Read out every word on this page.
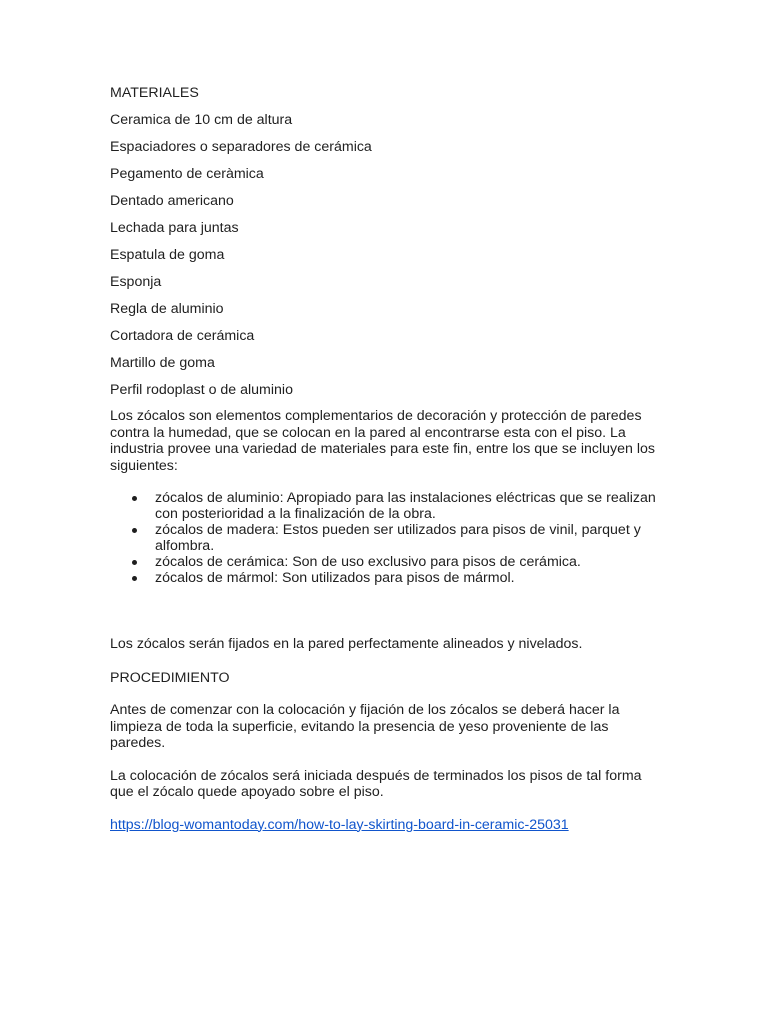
MATERIALES

Ceramica de 10 cm de altura

Espaciadores o separadores de cerámica

Pegamento de ceràmica

Dentado americano

Lechada para juntas

Espatula de goma

Esponja

Regla de aluminio

Cortadora de cerámica

Martillo de goma

Perfil rodoplast o de aluminio

Los zócalos son elementos complementarios de decoración y protección de paredes contra la humedad, que se colocan en la pared al encontrarse esta con el piso. La industria provee una variedad de materiales para este fin, entre los que se incluyen los siguientes:

zócalos de aluminio: Apropiado para las instalaciones eléctricas que se realizan con posterioridad a la finalización de la obra.
zócalos de madera: Estos pueden ser utilizados para pisos de vinil, parquet y alfombra.
zócalos de cerámica: Son de uso exclusivo para pisos de cerámica.
zócalos de mármol: Son utilizados para pisos de mármol.

Los zócalos serán fijados en la pared perfectamente alineados y nivelados.

PROCEDIMIENTO

Antes de comenzar con la colocación y fijación de los zócalos se deberá hacer la limpieza de toda la superficie, evitando la presencia de yeso proveniente de las paredes.

La colocación de zócalos será iniciada después de terminados los pisos de tal forma que el zócalo quede apoyado sobre el piso.

https://blog-womantoday.com/how-to-lay-skirting-board-in-ceramic-25031
